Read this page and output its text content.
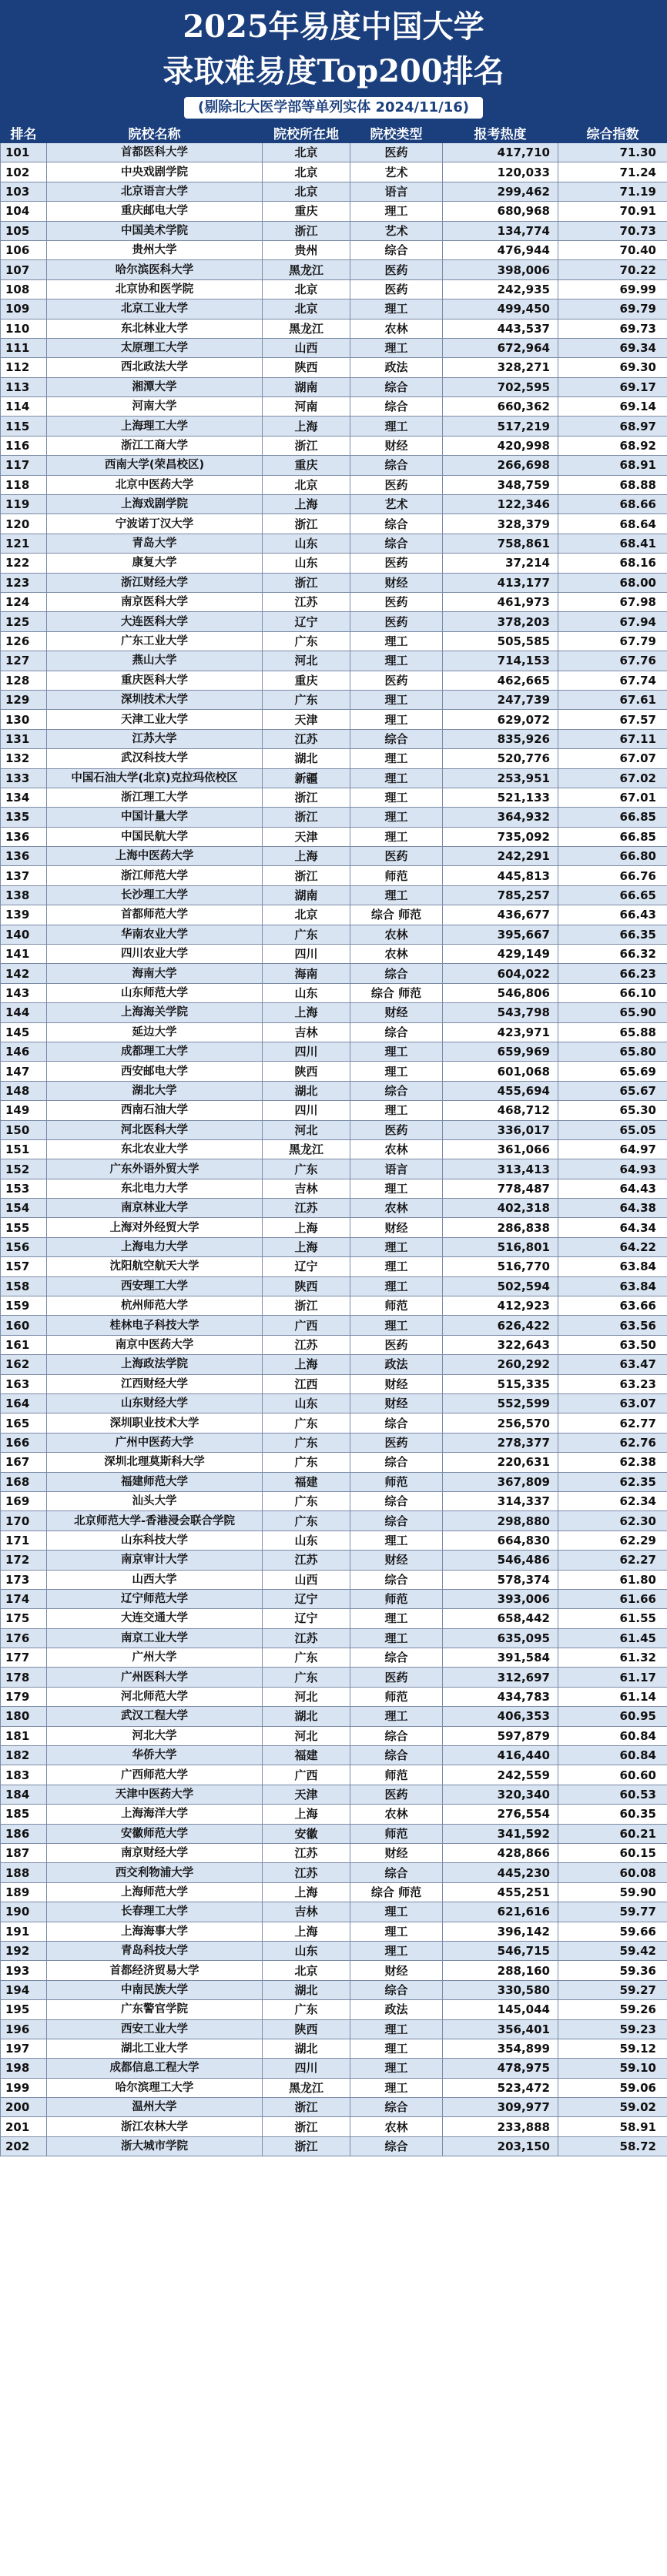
2025年易度中国大学
录取难易度Top200排名
(剔除北大医学部等单列实体 2024/11/16)
排名	院校名称	院校所在地	院校类型	报考热度	综合指数
101	首都医科大学	北京	医药	417,710	71.30
102	中央戏剧学院	北京	艺术	120,033	71.24
103	北京语言大学	北京	语言	299,462	71.19
104	重庆邮电大学	重庆	理工	680,968	70.91
105	中国美术学院	浙江	艺术	134,774	70.73
106	贵州大学	贵州	综合	476,944	70.40
107	哈尔滨医科大学	黑龙江	医药	398,006	70.22
108	北京协和医学院	北京	医药	242,935	69.99
109	北京工业大学	北京	理工	499,450	69.79
110	东北林业大学	黑龙江	农林	443,537	69.73
111	太原理工大学	山西	理工	672,964	69.34
112	西北政法大学	陕西	政法	328,271	69.30
113	湘潭大学	湖南	综合	702,595	69.17
114	河南大学	河南	综合	660,362	69.14
115	上海理工大学	上海	理工	517,219	68.97
116	浙江工商大学	浙江	财经	420,998	68.92
117	西南大学(荣昌校区)	重庆	综合	266,698	68.91
118	北京中医药大学	北京	医药	348,759	68.88
119	上海戏剧学院	上海	艺术	122,346	68.66
120	宁波诺丁汉大学	浙江	综合	328,379	68.64
121	青岛大学	山东	综合	758,861	68.41
122	康复大学	山东	医药	37,214	68.16
123	浙江财经大学	浙江	财经	413,177	68.00
124	南京医科大学	江苏	医药	461,973	67.98
125	大连医科大学	辽宁	医药	378,203	67.94
126	广东工业大学	广东	理工	505,585	67.79
127	燕山大学	河北	理工	714,153	67.76
128	重庆医科大学	重庆	医药	462,665	67.74
129	深圳技术大学	广东	理工	247,739	67.61
130	天津工业大学	天津	理工	629,072	67.57
131	江苏大学	江苏	综合	835,926	67.11
132	武汉科技大学	湖北	理工	520,776	67.07
133	中国石油大学(北京)克拉玛依校区	新疆	理工	253,951	67.02
134	浙江理工大学	浙江	理工	521,133	67.01
135	中国计量大学	浙江	理工	364,932	66.85
136	中国民航大学	天津	理工	735,092	66.85
136	上海中医药大学	上海	医药	242,291	66.80
137	浙江师范大学	浙江	师范	445,813	66.76
138	长沙理工大学	湖南	理工	785,257	66.65
139	首都师范大学	北京	综合 师范	436,677	66.43
140	华南农业大学	广东	农林	395,667	66.35
141	四川农业大学	四川	农林	429,149	66.32
142	海南大学	海南	综合	604,022	66.23
143	山东师范大学	山东	综合 师范	546,806	66.10
144	上海海关学院	上海	财经	543,798	65.90
145	延边大学	吉林	综合	423,971	65.88
146	成都理工大学	四川	理工	659,969	65.80
147	西安邮电大学	陕西	理工	601,068	65.69
148	湖北大学	湖北	综合	455,694	65.67
149	西南石油大学	四川	理工	468,712	65.30
150	河北医科大学	河北	医药	336,017	65.05
151	东北农业大学	黑龙江	农林	361,066	64.97
152	广东外语外贸大学	广东	语言	313,413	64.93
153	东北电力大学	吉林	理工	778,487	64.43
154	南京林业大学	江苏	农林	402,318	64.38
155	上海对外经贸大学	上海	财经	286,838	64.34
156	上海电力大学	上海	理工	516,801	64.22
157	沈阳航空航天大学	辽宁	理工	516,770	63.84
158	西安理工大学	陕西	理工	502,594	63.84
159	杭州师范大学	浙江	师范	412,923	63.66
160	桂林电子科技大学	广西	理工	626,422	63.56
161	南京中医药大学	江苏	医药	322,643	63.50
162	上海政法学院	上海	政法	260,292	63.47
163	江西财经大学	江西	财经	515,335	63.23
164	山东财经大学	山东	财经	552,599	63.07
165	深圳职业技术大学	广东	综合	256,570	62.77
166	广州中医药大学	广东	医药	278,377	62.76
167	深圳北理莫斯科大学	广东	综合	220,631	62.38
168	福建师范大学	福建	师范	367,809	62.35
169	汕头大学	广东	综合	314,337	62.34
170	北京师范大学-香港浸会联合学院	广东	综合	298,880	62.30
171	山东科技大学	山东	理工	664,830	62.29
172	南京审计大学	江苏	财经	546,486	62.27
173	山西大学	山西	综合	578,374	61.80
174	辽宁师范大学	辽宁	师范	393,006	61.66
175	大连交通大学	辽宁	理工	658,442	61.55
176	南京工业大学	江苏	理工	635,095	61.45
177	广州大学	广东	综合	391,584	61.32
178	广州医科大学	广东	医药	312,697	61.17
179	河北师范大学	河北	师范	434,783	61.14
180	武汉工程大学	湖北	理工	406,353	60.95
181	河北大学	河北	综合	597,879	60.84
182	华侨大学	福建	综合	416,440	60.84
183	广西师范大学	广西	师范	242,559	60.60
184	天津中医药大学	天津	医药	320,340	60.53
185	上海海洋大学	上海	农林	276,554	60.35
186	安徽师范大学	安徽	师范	341,592	60.21
187	南京财经大学	江苏	财经	428,866	60.15
188	西交利物浦大学	江苏	综合	445,230	60.08
189	上海师范大学	上海	综合 师范	455,251	59.90
190	长春理工大学	吉林	理工	621,616	59.77
191	上海海事大学	上海	理工	396,142	59.66
192	青岛科技大学	山东	理工	546,715	59.42
193	首都经济贸易大学	北京	财经	288,160	59.36
194	中南民族大学	湖北	综合	330,580	59.27
195	广东警官学院	广东	政法	145,044	59.26
196	西安工业大学	陕西	理工	356,401	59.23
197	湖北工业大学	湖北	理工	354,899	59.12
198	成都信息工程大学	四川	理工	478,975	59.10
199	哈尔滨理工大学	黑龙江	理工	523,472	59.06
200	温州大学	浙江	综合	309,977	59.02
201	浙江农林大学	浙江	农林	233,888	58.91
202	浙大城市学院	浙江	综合	203,150	58.72
